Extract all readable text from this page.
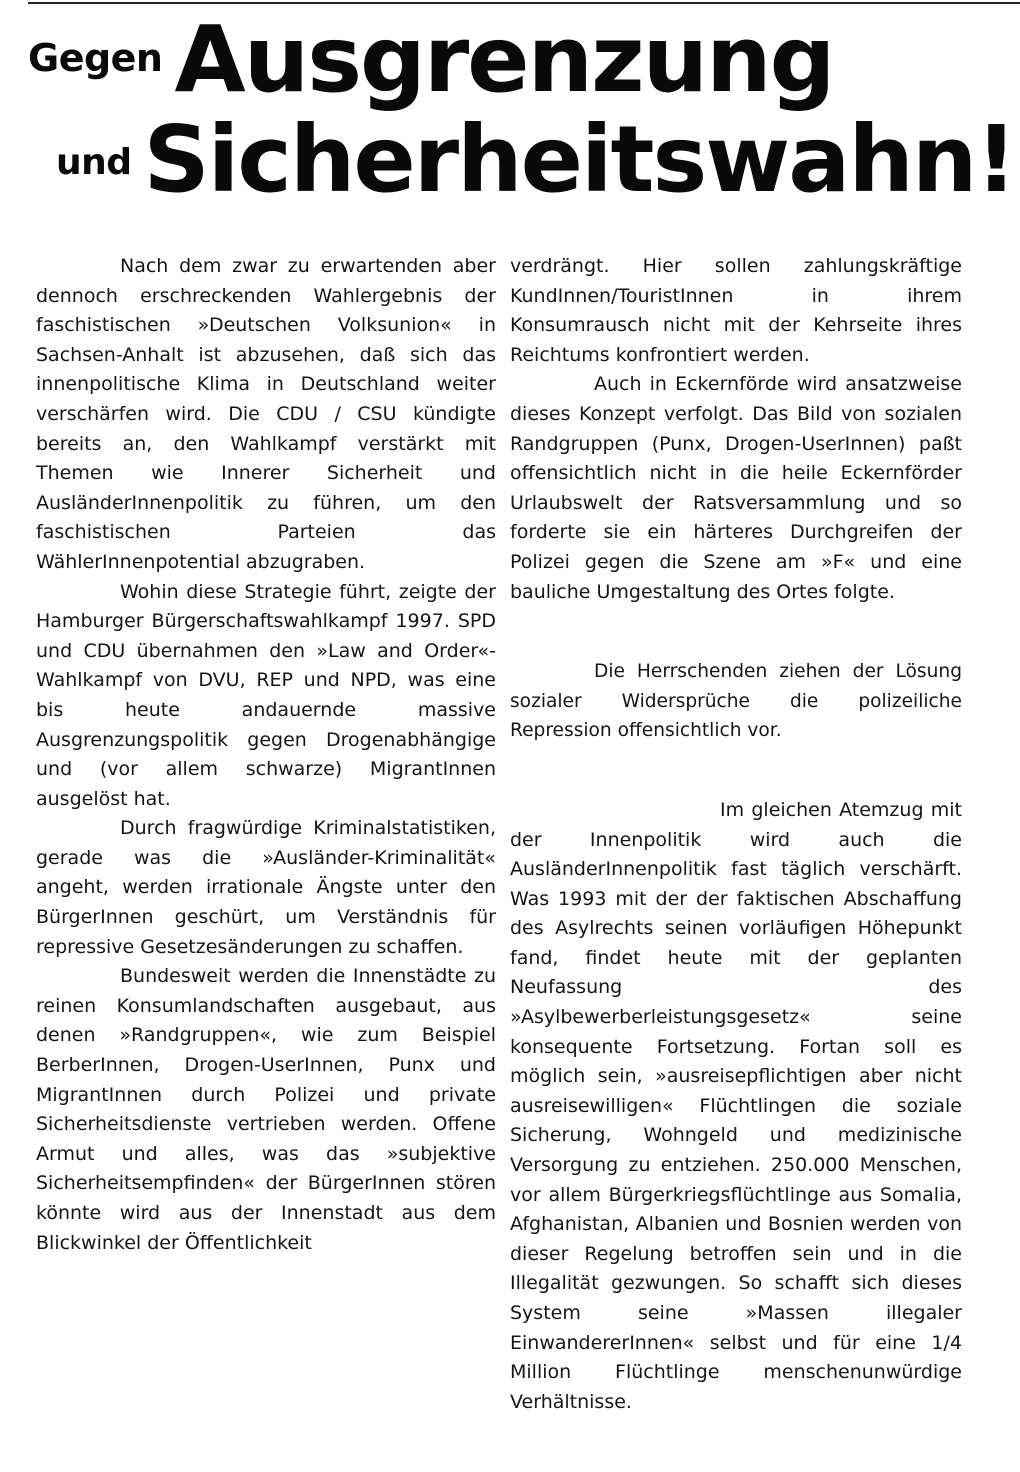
Gegen Ausgrenzung
und Sicherheitswahn!

Nach dem zwar zu erwartenden aber dennoch erschreckenden Wahlergebnis der faschistischen »Deutschen Volksunion« in Sachsen-Anhalt ist abzusehen, daß sich das innenpolitische Klima in Deutschland weiter verschärfen wird. Die CDU / CSU kündigte bereits an, den Wahlkampf verstärkt mit Themen wie Innerer Sicherheit und AusländerInnenpolitik zu führen, um den faschistischen Parteien das WählerInnenpotential abzugraben.

Wohin diese Strategie führt, zeigte der Hamburger Bürgerschaftswahlkampf 1997. SPD und CDU übernahmen den »Law and Order«-Wahlkampf von DVU, REP und NPD, was eine bis heute andauernde massive Ausgrenzungspolitik gegen Drogenabhängige und (vor allem schwarze) MigrantInnen ausgelöst hat.

Durch fragwürdige Kriminalstatistiken, gerade was die »Ausländer-Kriminalität« angeht, werden irrationale Ängste unter den BürgerInnen geschürt, um Verständnis für repressive Gesetzesänderungen zu schaffen.

Bundesweit werden die Innenstädte zu reinen Konsumlandschaften ausgebaut, aus denen »Randgruppen«, wie zum Beispiel BerberInnen, Drogen-UserInnen, Punx und MigrantInnen durch Polizei und private Sicherheitsdienste vertrieben werden. Offene Armut und alles, was das »subjektive Sicherheitsempfinden« der BürgerInnen stören könnte wird aus der Innenstadt aus dem Blickwinkel der Öffentlichkeit

verdrängt. Hier sollen zahlungskräftige KundInnen/TouristInnen in ihrem Konsumrausch nicht mit der Kehrseite ihres Reichtums konfrontiert werden.

Auch in Eckernförde wird ansatzweise dieses Konzept verfolgt. Das Bild von sozialen Randgruppen (Punx, Drogen-UserInnen) paßt offensichtlich nicht in die heile Eckernförder Urlaubswelt der Ratsversammlung und so forderte sie ein härteres Durchgreifen der Polizei gegen die Szene am »F« und eine bauliche Umgestaltung des Ortes folgte.

Die Herrschenden ziehen der Lösung sozialer Widersprüche die polizeiliche Repression offensichtlich vor.

Im gleichen Atemzug mit der Innenpolitik wird auch die AusländerInnenpolitik fast täglich verschärft. Was 1993 mit der der faktischen Abschaffung des Asylrechts seinen vorläufigen Höhepunkt fand, findet heute mit der geplanten Neufassung des »Asylbewerberleistungsgesetz« seine konsequente Fortsetzung. Fortan soll es möglich sein, »ausreisepflichtigen aber nicht ausreisewilligen« Flüchtlingen die soziale Sicherung, Wohngeld und medizinische Versorgung zu entziehen. 250.000 Menschen, vor allem Bürgerkriegsflüchtlinge aus Somalia, Afghanistan, Albanien und Bosnien werden von dieser Regelung betroffen sein und in die Illegalität gezwungen. So schafft sich dieses System seine »Massen illegaler EinwandererInnen« selbst und für eine 1/4 Million Flüchtlinge menschenunwürdige Verhältnisse.
